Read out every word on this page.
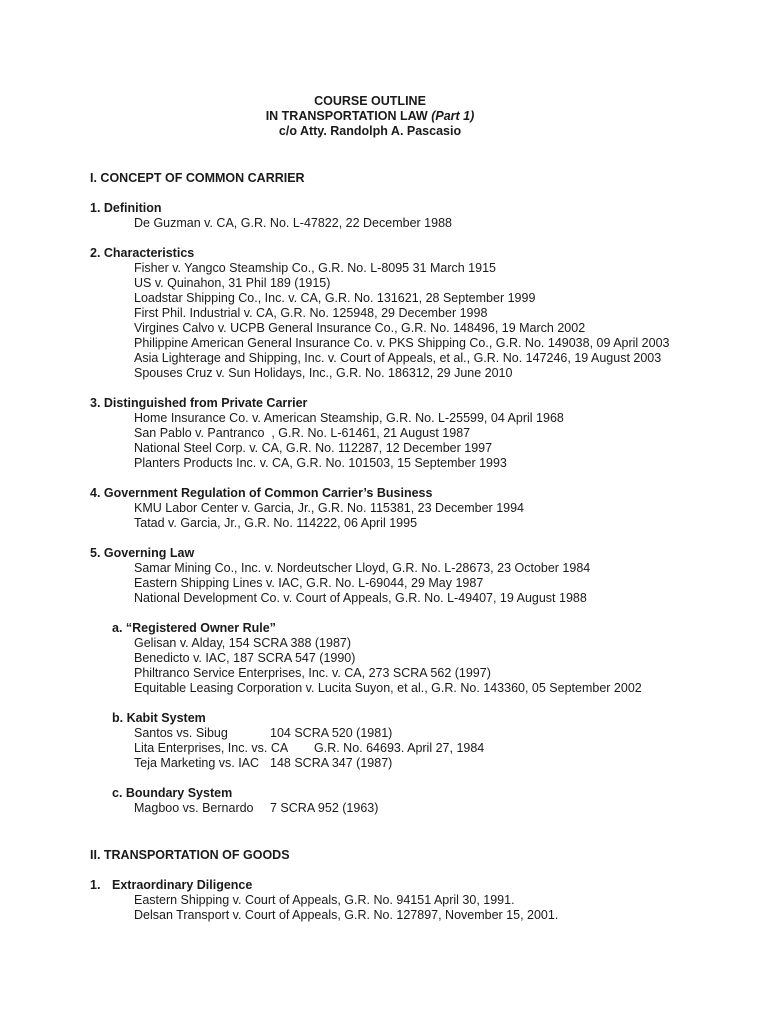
COURSE OUTLINE
IN TRANSPORTATION LAW (Part 1)
c/o Atty. Randolph A. Pascasio
I. CONCEPT OF COMMON CARRIER
1. Definition
De Guzman v. CA, G.R. No. L-47822, 22 December 1988
2. Characteristics
Fisher v. Yangco Steamship Co., G.R. No. L-8095 31 March 1915
US v. Quinahon, 31 Phil 189 (1915)
Loadstar Shipping Co., Inc. v. CA, G.R. No. 131621, 28 September 1999
First Phil. Industrial v. CA, G.R. No. 125948, 29 December 1998
Virgines Calvo v. UCPB General Insurance Co., G.R. No. 148496, 19 March 2002
Philippine American General Insurance Co. v. PKS Shipping Co., G.R. No. 149038, 09 April 2003
Asia Lighterage and Shipping, Inc. v. Court of Appeals, et al., G.R. No. 147246, 19 August 2003
Spouses Cruz v. Sun Holidays, Inc., G.R. No. 186312, 29 June 2010
3. Distinguished from Private Carrier
Home Insurance Co. v. American Steamship, G.R. No. L-25599, 04 April 1968
San Pablo v. Pantranco  , G.R. No. L-61461, 21 August 1987
National Steel Corp. v. CA, G.R. No. 112287, 12 December 1997
Planters Products Inc. v. CA, G.R. No. 101503, 15 September 1993
4. Government Regulation of Common Carrier’s Business
KMU Labor Center v. Garcia, Jr., G.R. No. 115381, 23 December 1994
Tatad v. Garcia, Jr., G.R. No. 114222, 06 April 1995
5. Governing Law
Samar Mining Co., Inc. v. Nordeutscher Lloyd, G.R. No. L-28673, 23 October 1984
Eastern Shipping Lines v. IAC, G.R. No. L-69044, 29 May 1987
National Development Co. v. Court of Appeals, G.R. No. L-49407, 19 August 1988
a. “Registered Owner Rule”
Gelisan v. Alday, 154 SCRA 388 (1987)
Benedicto v. IAC, 187 SCRA 547 (1990)
Philtranco Service Enterprises, Inc. v. CA, 273 SCRA 562 (1997)
Equitable Leasing Corporation v. Lucita Suyon, et al., G.R. No. 143360, 05 September 2002
b. Kabit System
Santos vs. Sibug	104 SCRA 520 (1981)
Lita Enterprises, Inc. vs. CA	G.R. No. 64693. April 27, 1984
Teja Marketing vs. IAC 148 SCRA 347 (1987)
c. Boundary System
Magboo vs. Bernardo	7 SCRA 952 (1963)
II. TRANSPORTATION OF GOODS
1. Extraordinary Diligence
Eastern Shipping v. Court of Appeals, G.R. No. 94151 April 30, 1991.
Delsan Transport v. Court of Appeals, G.R. No. 127897, November 15, 2001.
